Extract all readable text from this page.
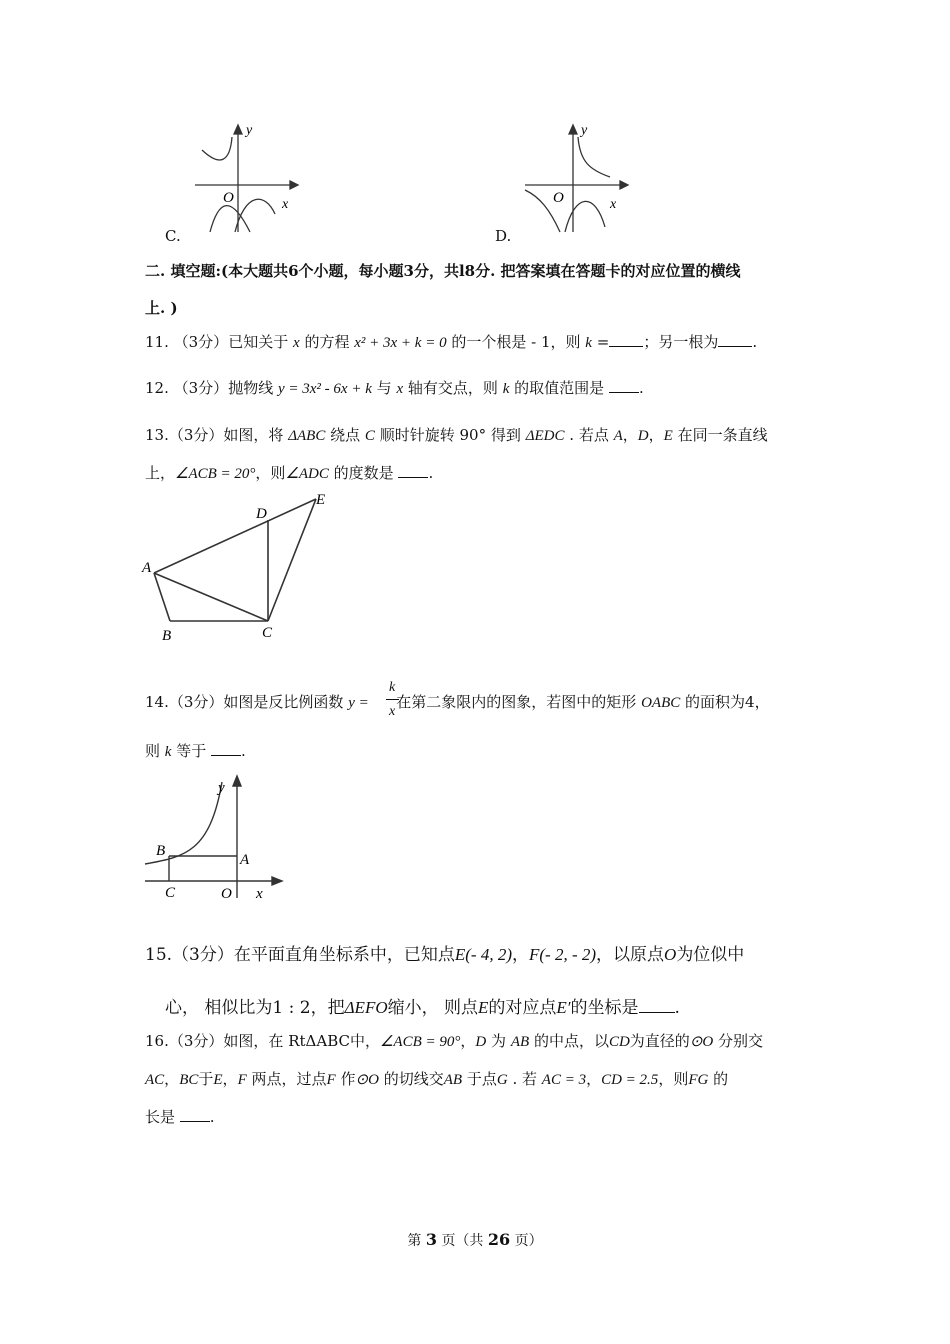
y
O	x
C.
y
O	x
D.
二. 填空题:(本大题共6个小题，每小题3分，共l8分. 把答案填在答题卡的对应位置的横线
上. )
11. （3分）已知关于 x 的方程 x² + 3x + k = 0 的一个根是 - 1，则 k = ；另一根为 .
12. （3分）抛物线 y = 3x² - 6x + k 与 x 轴有交点，则 k 的取值范围是 .
13.（3分）如图，将 ΔABC 绕点 C 顺时针旋转 90° 得到 ΔEDC . 若点 A，D，E 在同一条直线
上，∠ACB = 20°，则∠ADC 的度数是 .
A
B	C
D
E
14.（3分）如图是反比例函数 y = 在第二象限内的图象，若图中的矩形 OABC 的面积为4，
k
x
则 k 等于 .
y
B
A
C	O x
15.（3分）在平面直角坐标系中，已知点E(- 4, 2)，F(- 2, - 2)，以原点O为位似中
心， 相似比为1 : 2，把ΔEFO缩小， 则点E的对应点E′的坐标是 .
16.（3分）如图，在 RtΔABC中，∠ACB = 90°，D 为 AB 的中点，以CD为直径的⊙O 分别交
AC，BC于E，F 两点，过点F 作⊙O 的切线交AB 于点G . 若 AC = 3，CD = 2.5，则FG 的
长是 .
第 3 页（共 26 页）
